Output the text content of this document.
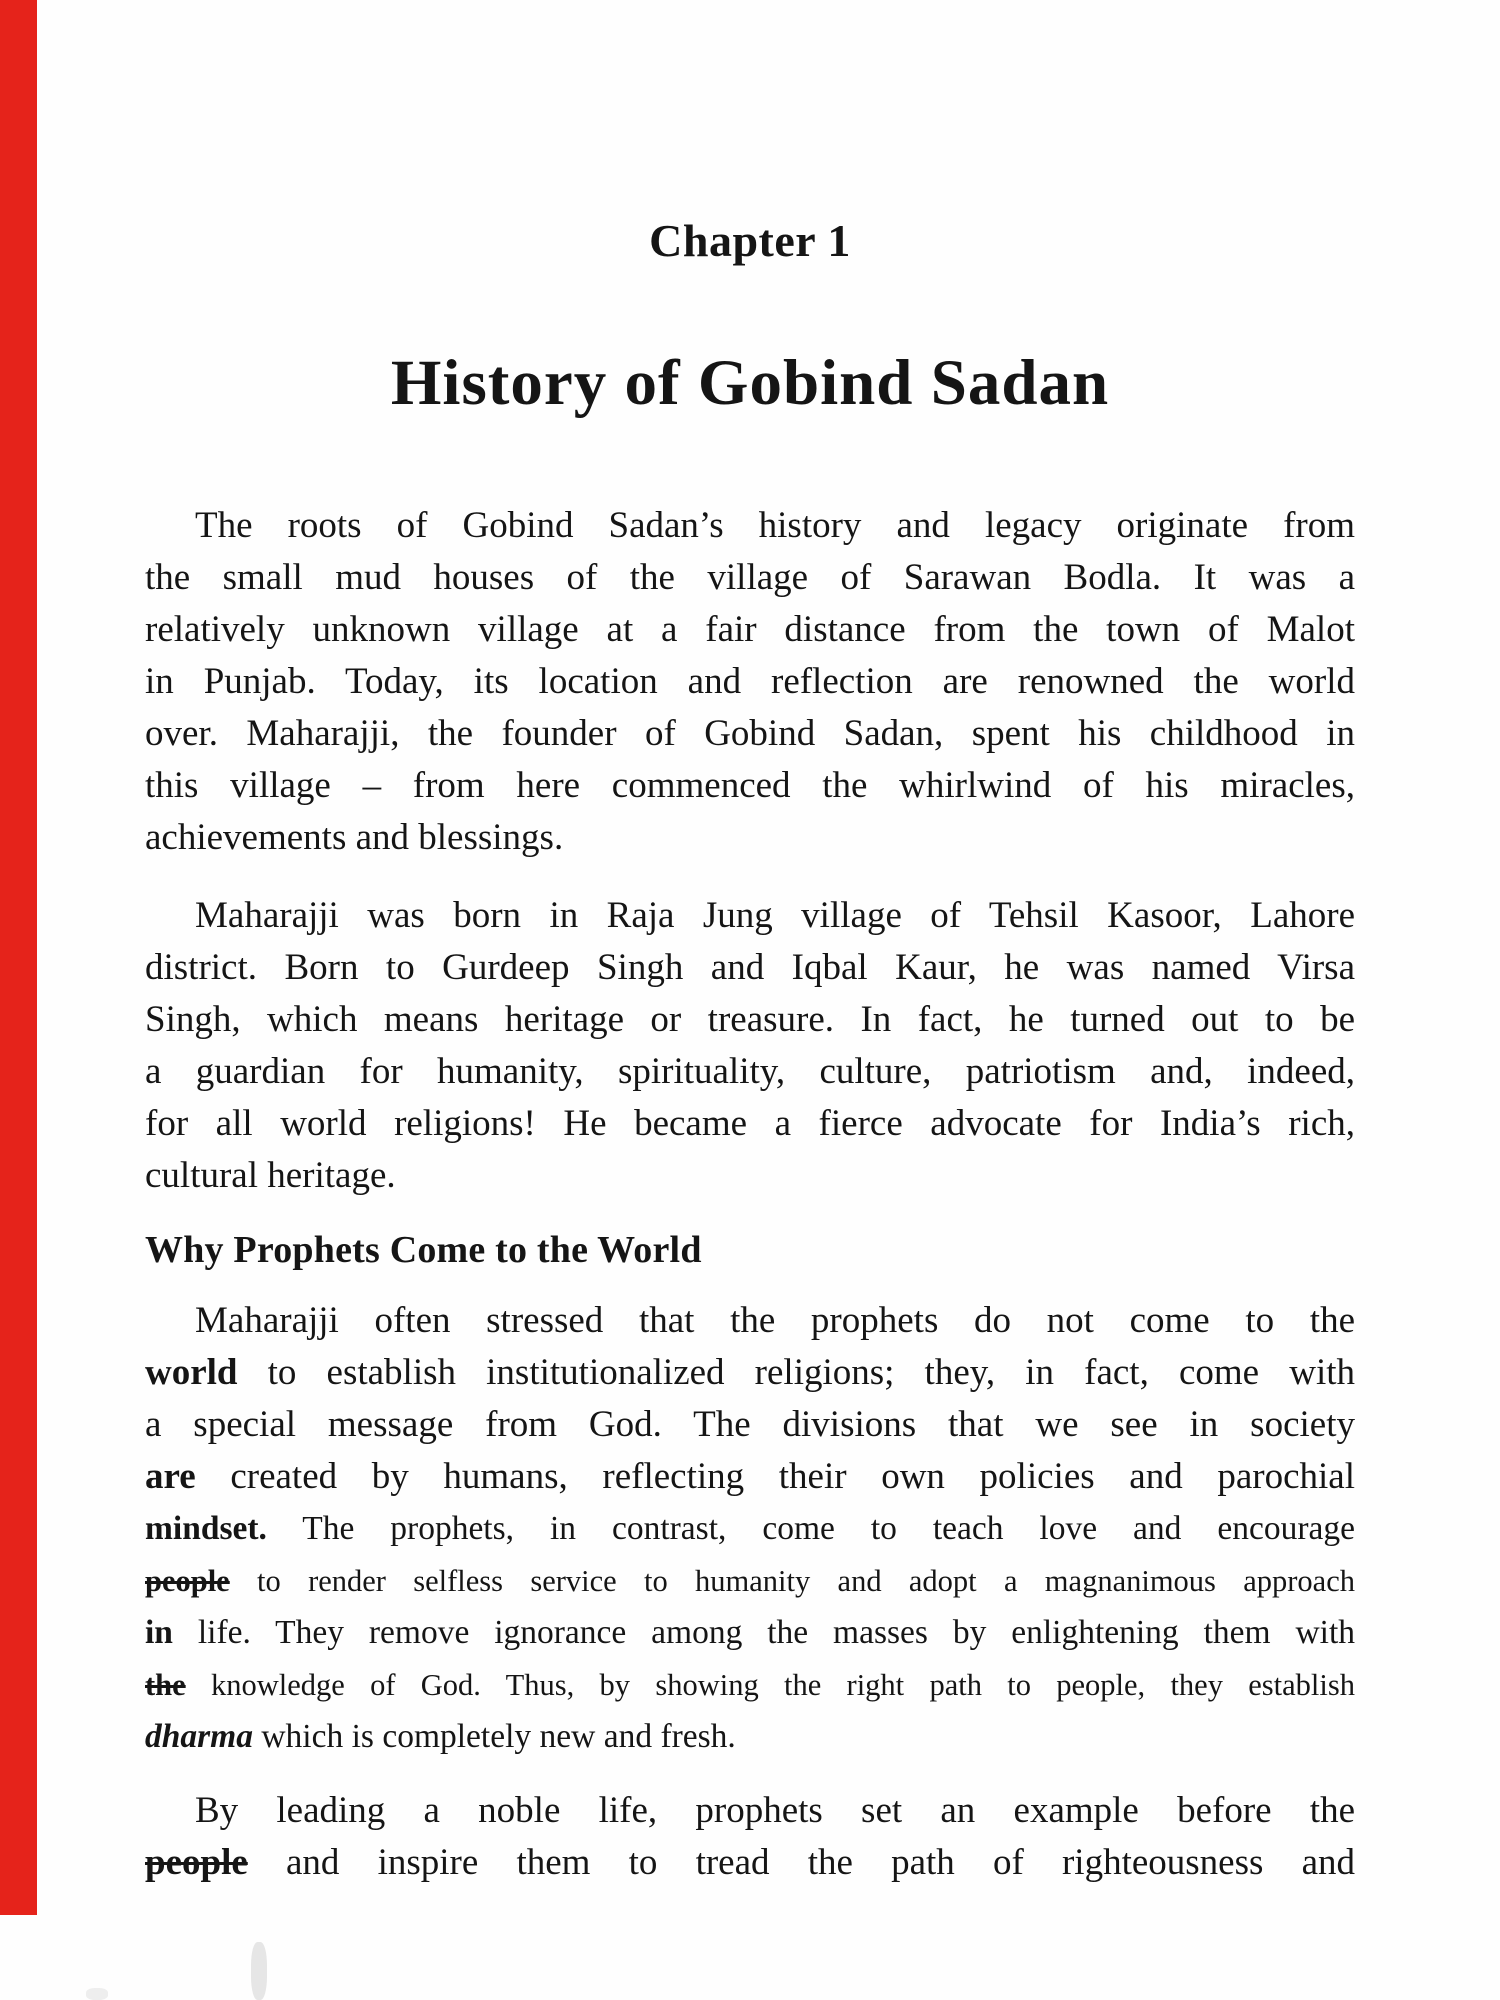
Chapter 1
History of Gobind Sadan
The roots of Gobind Sadan’s history and legacy originate from
the small mud houses of the village of Sarawan Bodla. It was a
relatively unknown village at a fair distance from the town of Malot
in Punjab. Today, its location and reflection are renowned the world
over. Maharajji, the founder of Gobind Sadan, spent his childhood in
this village – from here commenced the whirlwind of his miracles,
achievements and blessings.
Maharajji was born in Raja Jung village of Tehsil Kasoor, Lahore
district. Born to Gurdeep Singh and Iqbal Kaur, he was named Virsa
Singh, which means heritage or treasure. In fact, he turned out to be
a guardian for humanity, spirituality, culture, patriotism and, indeed,
for all world religions! He became a fierce advocate for India’s rich,
cultural heritage.
Why Prophets Come to the World
Maharajji often stressed that the prophets do not come to the
world to establish institutionalized religions; they, in fact, come with
a special message from God. The divisions that we see in society
are created by humans, reflecting their own policies and parochial
mindset. The prophets, in contrast, come to teach love and encourage
people to render selfless service to humanity and adopt a magnanimous approach
in life. They remove ignorance among the masses by enlightening them with
the knowledge of God. Thus, by showing the right path to people, they establish
dharma which is completely new and fresh.
By leading a noble life, prophets set an example before the
people and inspire them to tread the path of righteousness and
